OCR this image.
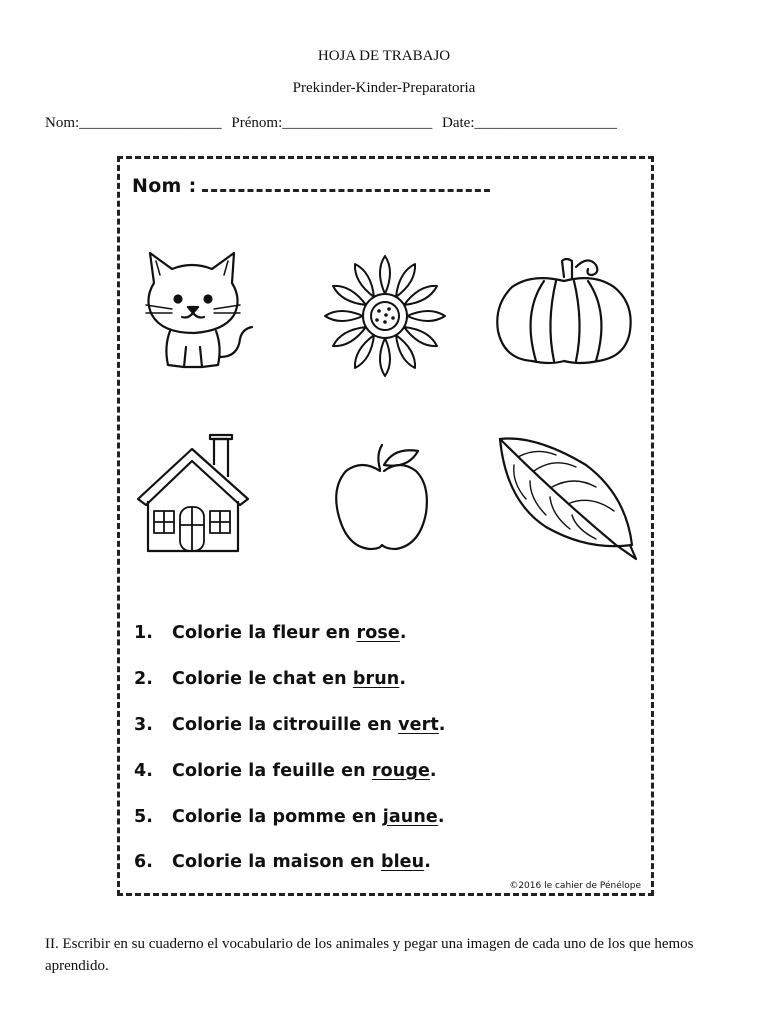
HOJA DE TRABAJO
Prekinder-Kinder-Preparatoria
Nom:___________________ Prénom:____________________ Date:___________________
Nom :
1. Colorie la fleur en rose.
2. Colorie le chat en brun.
3. Colorie la citrouille en vert.
4. Colorie la feuille en rouge.
5. Colorie la pomme en jaune.
6. Colorie la maison en bleu.
©2016 le cahier de Pénélope
II. Escribir en su cuaderno el vocabulario de los animales y pegar una imagen de cada uno de los que hemos aprendido.
